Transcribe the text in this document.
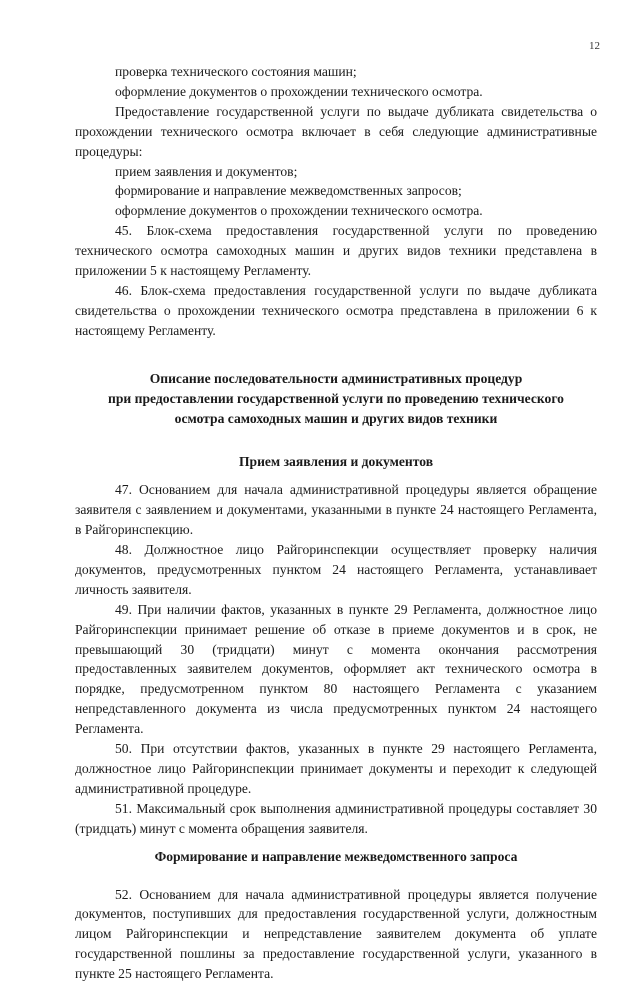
12

проверка технического состояния машин;

оформление документов о прохождении технического осмотра.

Предоставление государственной услуги по выдаче дубликата свидетельства о прохождении технического осмотра включает в себя следующие административные процедуры:

прием заявления и документов;

формирование и направление межведомственных запросов;

оформление документов о прохождении технического осмотра.

45. Блок-схема предоставления государственной услуги по проведению технического осмотра самоходных машин и других видов техники представлена в приложении 5 к настоящему Регламенту.

46. Блок-схема предоставления государственной услуги по выдаче дубликата свидетельства о прохождении технического осмотра представлена в приложении 6 к настоящему Регламенту.

Описание последовательности административных процедур
при предоставлении государственной услуги по проведению технического
осмотра самоходных машин и других видов техники
Прием заявления и документов

47. Основанием для начала административной процедуры является обращение заявителя с заявлением и документами, указанными в пункте 24 настоящего Регламента, в Райгоринспекцию.

48. Должностное лицо Райгоринспекции осуществляет проверку наличия документов, предусмотренных пунктом 24 настоящего Регламента, устанавливает личность заявителя.

49. При наличии фактов, указанных в пункте 29 Регламента, должностное лицо Райгоринспекции принимает решение об отказе в приеме документов и в срок, не превышающий 30 (тридцати) минут с момента окончания рассмотрения предоставленных заявителем документов, оформляет акт технического осмотра в порядке, предусмотренном пунктом 80 настоящего Регламента с указанием непредставленного документа из числа предусмотренных пунктом 24 настоящего Регламента.

50. При отсутствии фактов, указанных в пункте 29 настоящего Регламента, должностное лицо Райгоринспекции принимает документы и переходит к следующей административной процедуре.

51. Максимальный срок выполнения административной процедуры составляет 30 (тридцать) минут с момента обращения заявителя.

Формирование и направление межведомственного запроса

52. Основанием для начала административной процедуры является получение документов, поступивших для предоставления государственной услуги, должностным лицом Райгоринспекции и непредставление заявителем документа об уплате государственной пошлины за предоставление государственной услуги, указанного в пункте 25 настоящего Регламента.
